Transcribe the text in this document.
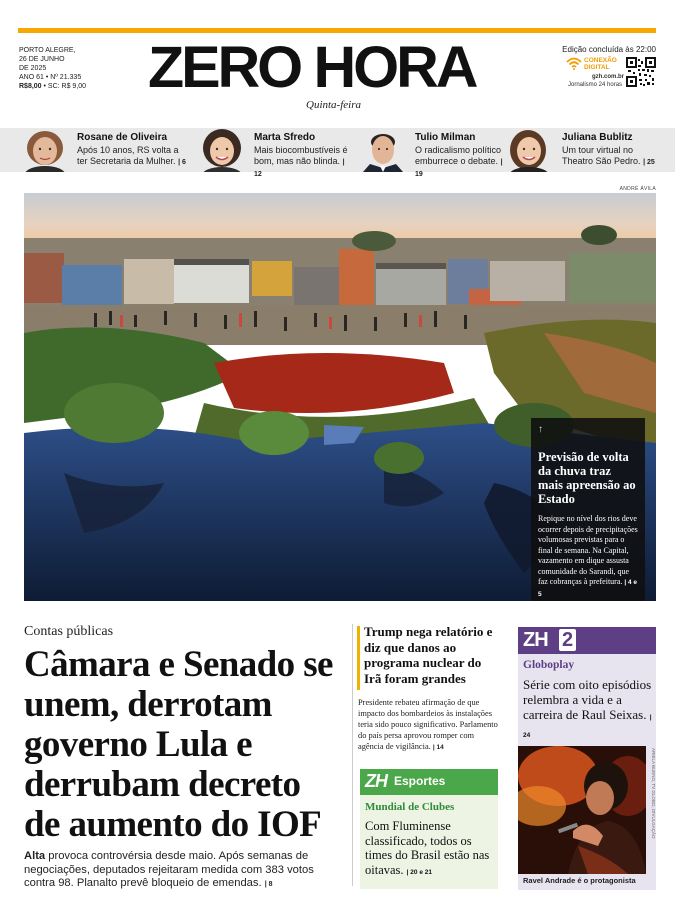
PORTO ALEGRE,
26 DE JUNHO
DE 2025
ANO 61 • Nº 21.335
R$8,00 • SC: R$ 9,00	ZERO HORA
Quinta-feira
Edição concluída às 22:00
CONEXÃO
DIGITAL
gzh.com.br
Jornalismo 24 horas
Rosane de Oliveira
Após 10 anos, RS volta a ter Secretaria da Mulher. | 6
Marta Sfredo
Mais biocombustíveis é bom, mas não blinda. | 12
Tulio Milman
O radicalismo político emburrece o debate. | 19
Juliana Bublitz
Um tour virtual no Theatro São Pedro. | 25
ANDRÉ ÁVILA
↑
Previsão de volta da chuva traz mais apreensão ao Estado
Repique no nível dos rios deve ocorrer depois de precipitações volumosas previstas para o final de semana. Na Capital, vazamento em dique assusta comunidade do Sarandi, que faz cobranças à prefeitura. | 4 e 5
Contas públicas
Câmara e Senado se unem, derrotam governo Lula e derrubam decreto de aumento do IOF
Alta provoca controvérsia desde maio. Após semanas de negociações, deputados rejeitaram medida com 383 votos contra 98. Planalto prevê bloqueio de emendas. | 8
Trump nega relatório e diz que danos ao programa nuclear do Irã foram grandes
Presidente rebateu afirmação de que impacto dos bombardeios às instalações teria sido pouco significativo. Parlamento do país persa aprovou romper com agência de vigilância. | 14
ZH Esportes
Mundial de Clubes
Com Fluminense classificado, todos os times do Brasil estão nas oitavas. | 20 e 21
ZH 2
Globoplay
Série com oito episódios relembra a vida e a carreira de Raul Seixas. | 24
ARIELA BUENO, TV GLOBO, DIVULGAÇÃO
Ravel Andrade é o protagonista
